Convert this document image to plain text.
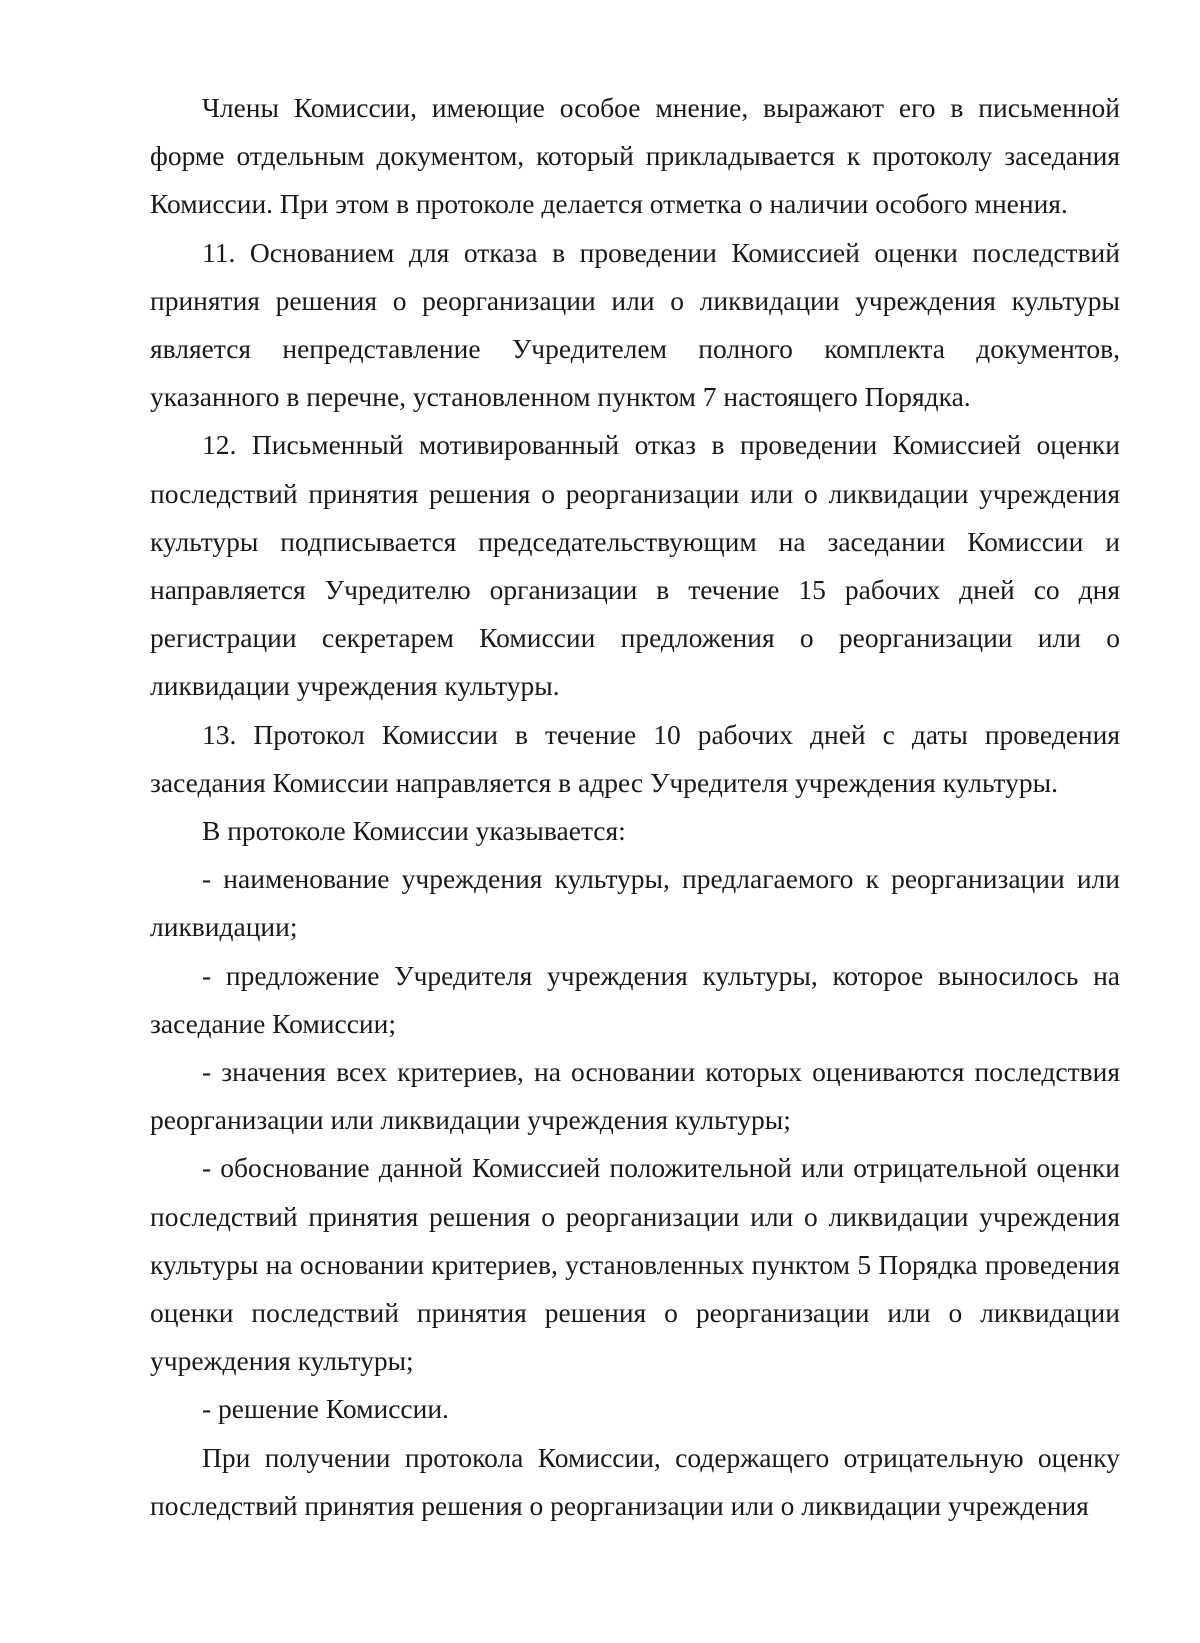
Члены Комиссии, имеющие особое мнение, выражают его в письменной форме отдельным документом, который прикладывается к протоколу заседания Комиссии. При этом в протоколе делается отметка о наличии особого мнения.

11. Основанием для отказа в проведении Комиссией оценки последствий принятия решения о реорганизации или о ликвидации учреждения культуры является непредставление Учредителем полного комплекта документов, указанного в перечне, установленном пунктом 7 настоящего Порядка.

12. Письменный мотивированный отказ в проведении Комиссией оценки последствий принятия решения о реорганизации или о ликвидации учреждения культуры подписывается председательствующим на заседании Комиссии и направляется Учредителю организации в течение 15 рабочих дней со дня регистрации секретарем Комиссии предложения о реорганизации или о ликвидации учреждения культуры.

13. Протокол Комиссии в течение 10 рабочих дней с даты проведения заседания Комиссии направляется в адрес Учредителя учреждения культуры.

В протоколе Комиссии указывается:

- наименование учреждения культуры, предлагаемого к реорганизации или ликвидации;

- предложение Учредителя учреждения культуры, которое выносилось на заседание Комиссии;

- значения всех критериев, на основании которых оцениваются последствия реорганизации или ликвидации учреждения культуры;

- обоснование данной Комиссией положительной или отрицательной оценки последствий принятия решения о реорганизации или о ликвидации учреждения культуры на основании критериев, установленных пунктом 5 Порядка проведения оценки последствий принятия решения о реорганизации или о ликвидации учреждения культуры;

- решение Комиссии.

При получении протокола Комиссии, содержащего отрицательную оценку последствий принятия решения о реорганизации или о ликвидации учреждения
